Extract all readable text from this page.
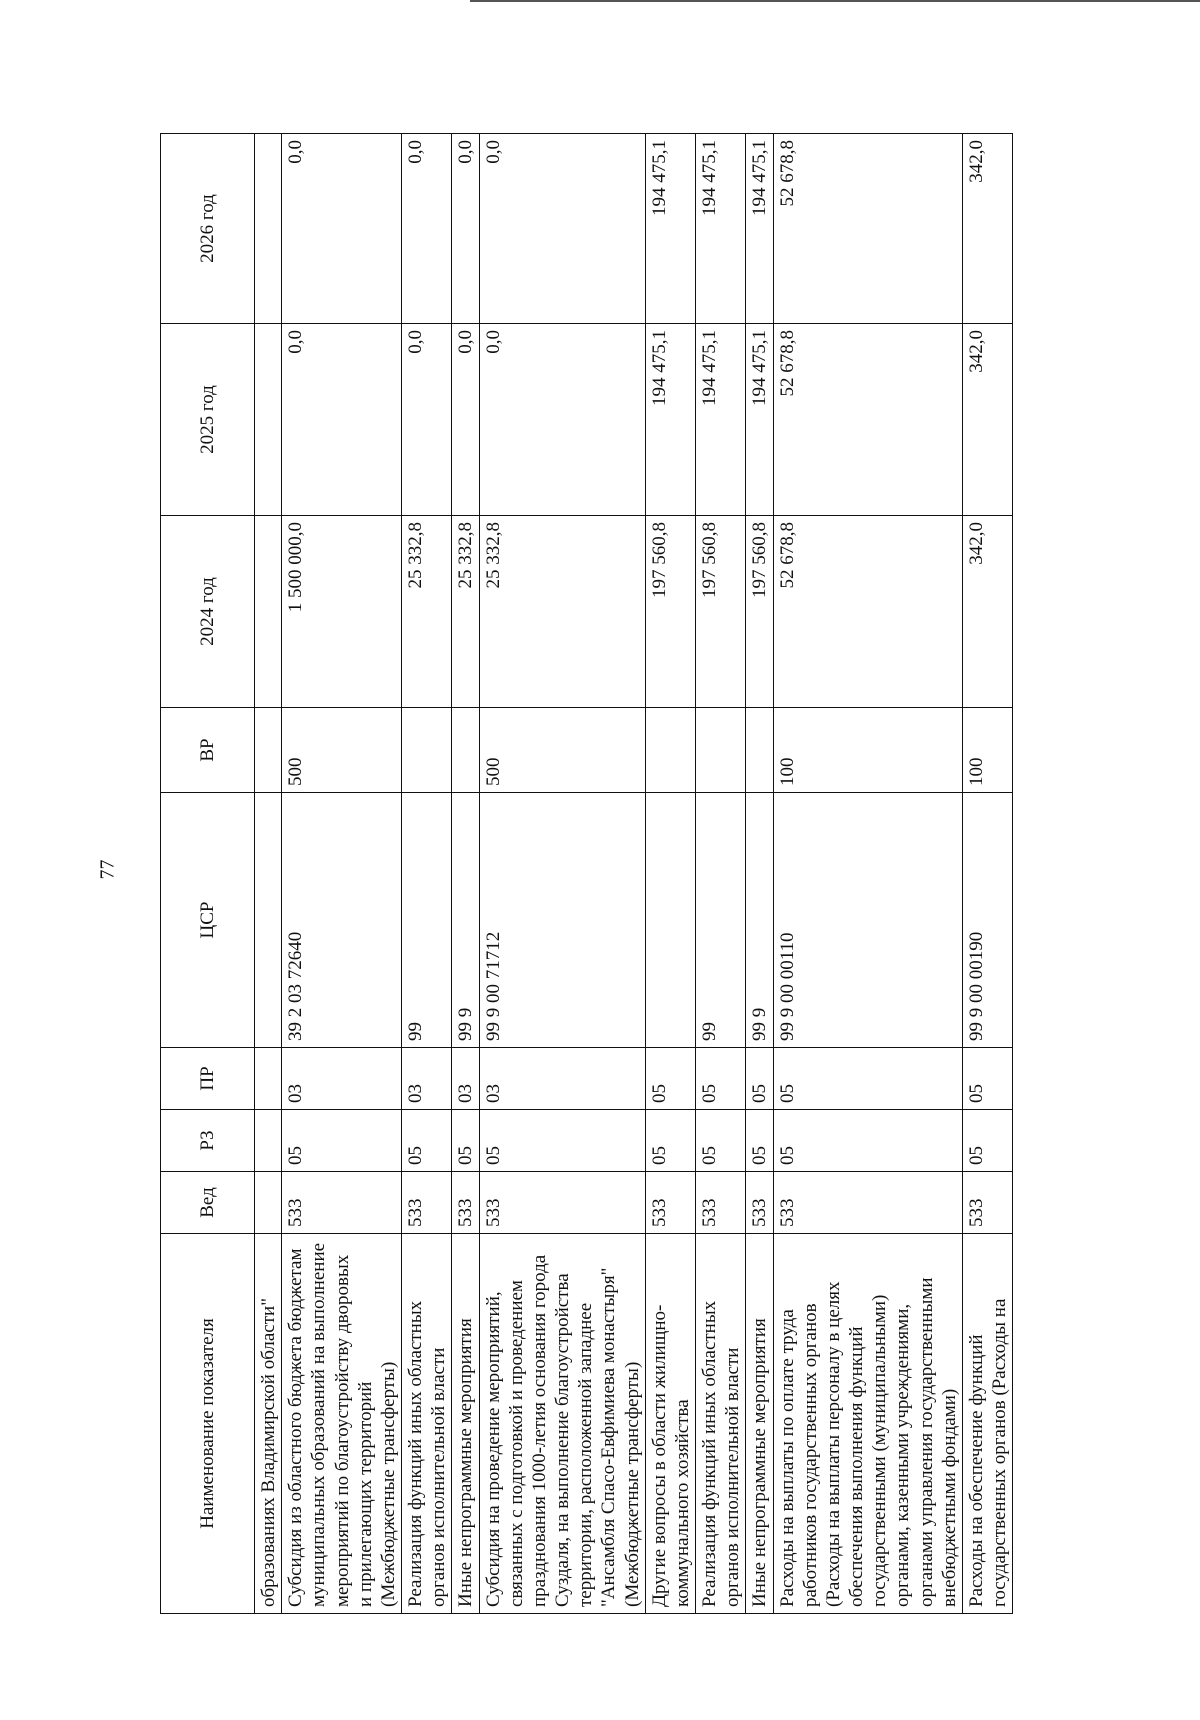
77
Наименование показателя	Вед	РЗ	ПР	ЦСР	ВР	2024 год	2025 год	2026 год
образованиях Владимирской области"								
Субсидия из областного бюджета бюджетам муниципальных образований на выполнение мероприятий по благоустройству дворовых и прилегающих территорий (Межбюджетные трансферты)	533	05	03	39 2 03 72640	500	1 500 000,0	0,0	0,0
Реализация функций иных областных органов исполнительной власти	533	05	03	99		25 332,8	0,0	0,0
Иные непрограммные мероприятия	533	05	03	99 9		25 332,8	0,0	0,0
Субсидия на проведение мероприятий, связанных с подготовкой и проведением празднования 1000-летия основания города Суздаля, на выполнение благоустройства территории, расположенной западнее "Ансамбля Спасо-Евфимиева монастыря" (Межбюджетные трансферты)	533	05	03	99 9 00 71712	500	25 332,8	0,0	0,0
Другие вопросы в области жилищно-коммунального хозяйства	533	05	05			197 560,8	194 475,1	194 475,1
Реализация функций иных областных органов исполнительной власти	533	05	05	99		197 560,8	194 475,1	194 475,1
Иные непрограммные мероприятия	533	05	05	99 9		197 560,8	194 475,1	194 475,1
Расходы на выплаты по оплате труда работников государственных органов (Расходы на выплаты персоналу в целях обеспечения выполнения функций государственными (муниципальными) органами, казенными учреждениями, органами управления государственными внебюджетными фондами)	533	05	05	99 9 00 00110	100	52 678,8	52 678,8	52 678,8
Расходы на обеспечение функций государственных органов (Расходы на	533	05	05	99 9 00 00190	100	342,0	342,0	342,0
